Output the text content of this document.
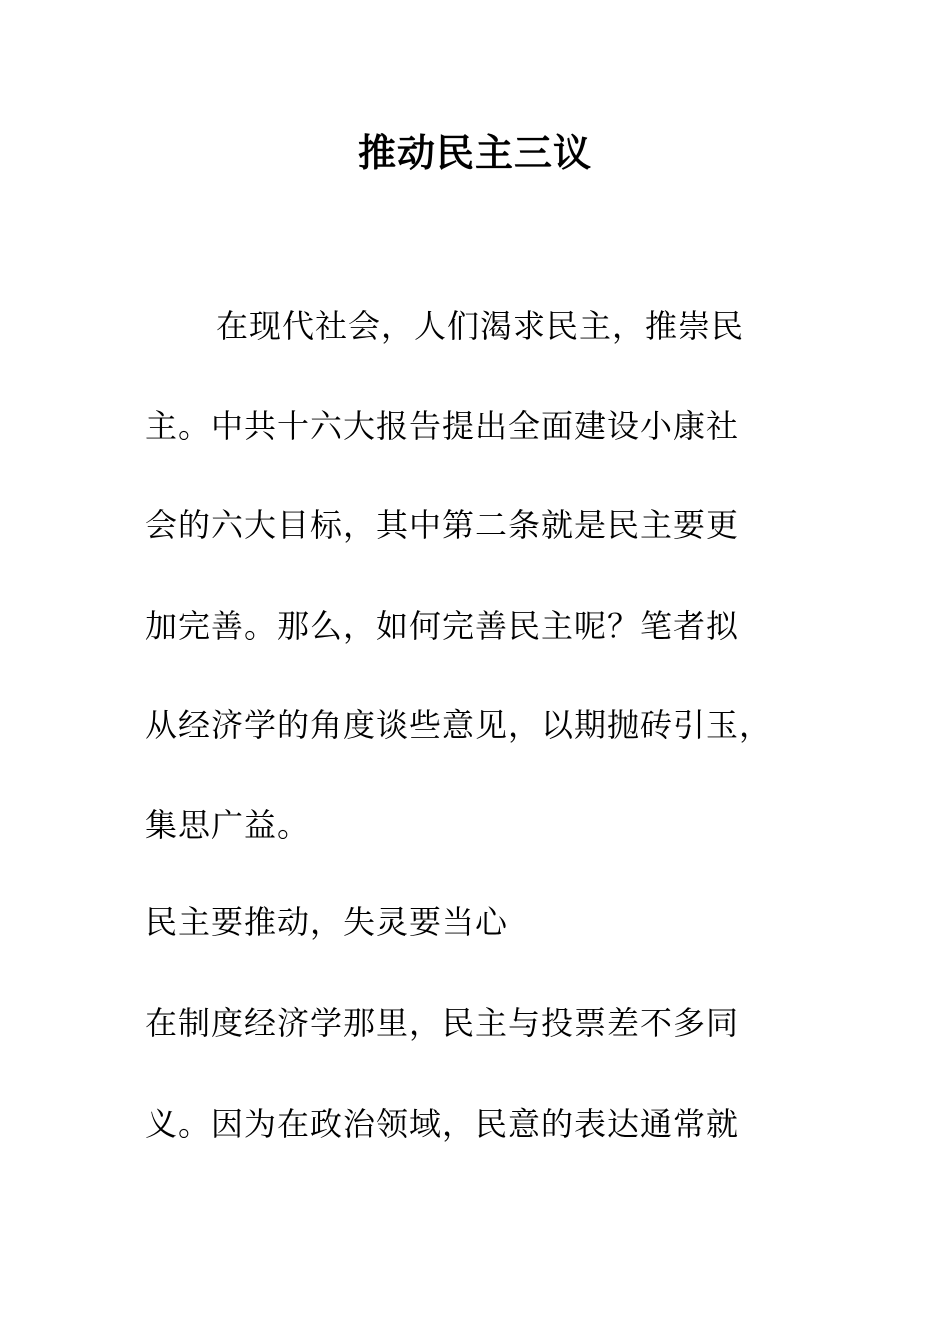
推动民主三议
在现代社会，人们渴求民主，推崇民
主。中共十六大报告提出全面建设小康社
会的六大目标，其中第二条就是民主要更
加完善。那么，如何完善民主呢？笔者拟
从经济学的角度谈些意见，以期抛砖引玉，
集思广益。
民主要推动，失灵要当心
在制度经济学那里，民主与投票差不多同
义。因为在政治领域，民意的表达通常就
